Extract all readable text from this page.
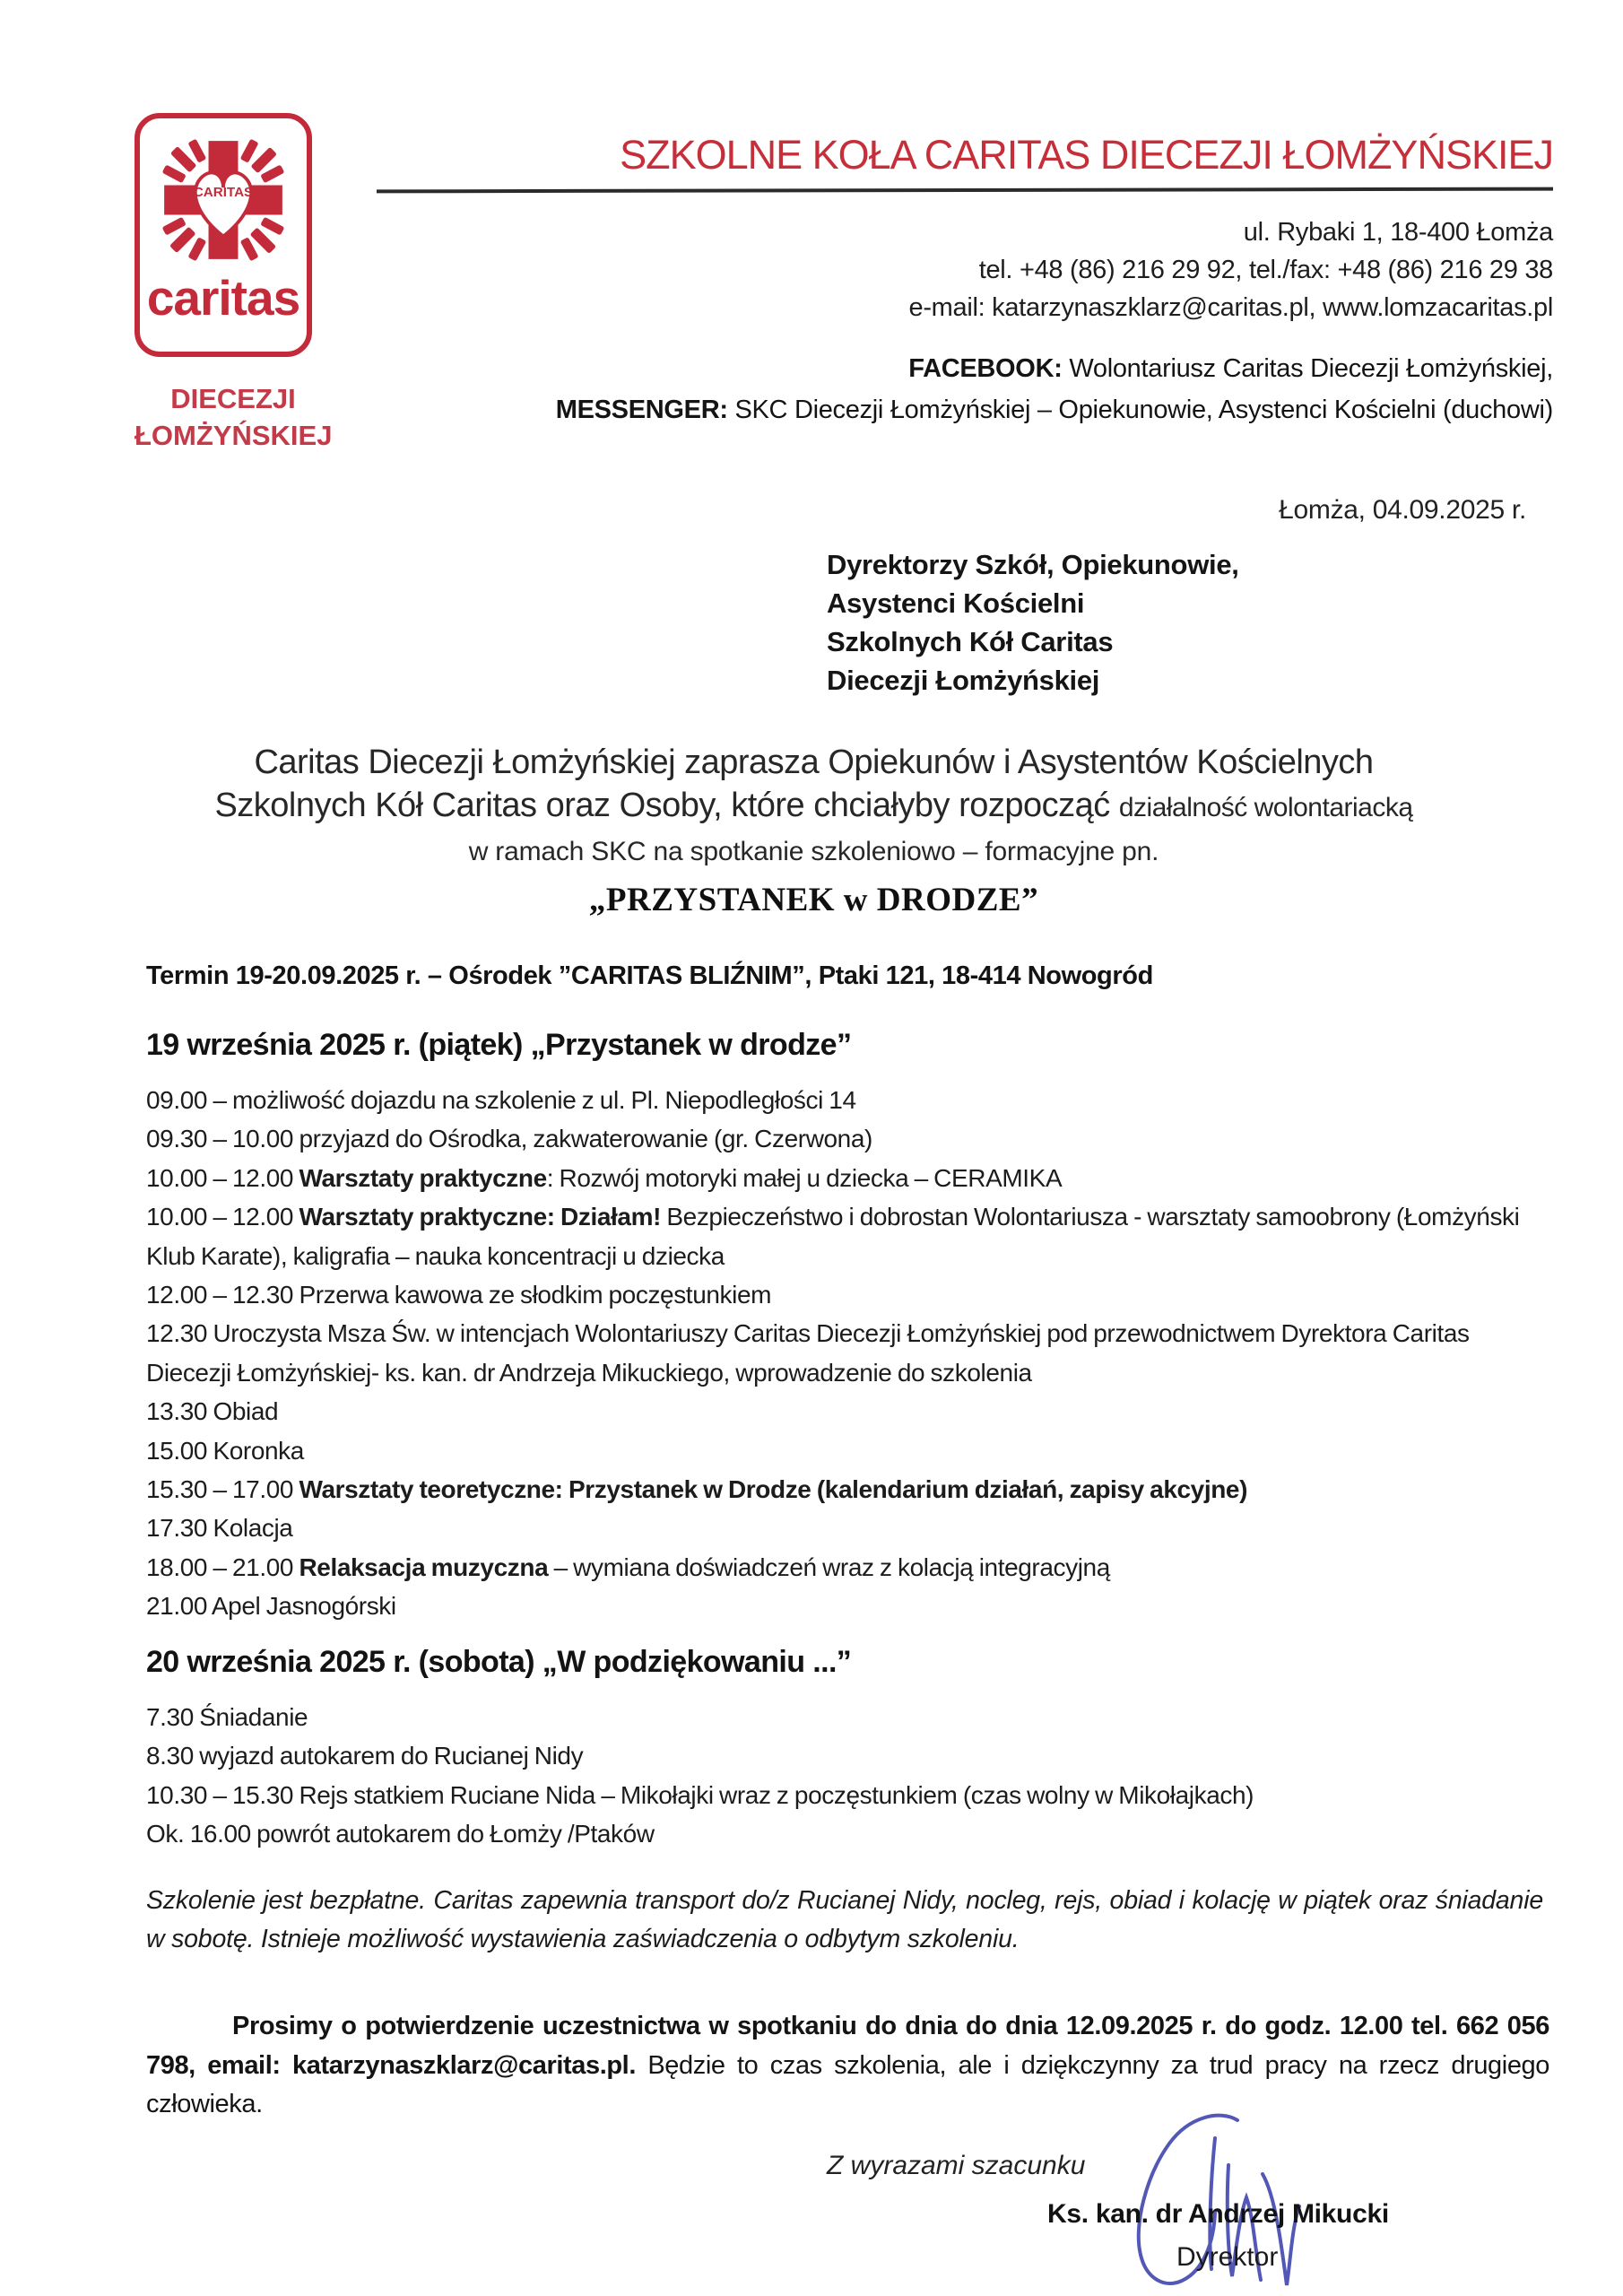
CARITAS
caritas
DIECEZJI
ŁOMŻYŃSKIEJ
SZKOLNE KOŁA CARITAS DIECEZJI ŁOMŻYŃSKIEJ
ul. Rybaki 1, 18-400 Łomża
tel. +48 (86) 216 29 92, tel./fax: +48 (86) 216 29 38
e-mail: katarzynaszklarz@caritas.pl, www.lomzacaritas.pl
FACEBOOK: Wolontariusz Caritas Diecezji Łomżyńskiej,
MESSENGER: SKC Diecezji Łomżyńskiej – Opiekunowie, Asystenci Kościelni (duchowi)
Łomża, 04.09.2025 r.
Dyrektorzy Szkół, Opiekunowie,
Asystenci Kościelni
Szkolnych Kół Caritas
Diecezji Łomżyńskiej
Caritas Diecezji Łomżyńskiej zaprasza Opiekunów i Asystentów Kościelnych
Szkolnych Kół Caritas oraz Osoby, które chciałyby rozpocząć działalność wolontariacką
w ramach SKC na spotkanie szkoleniowo – formacyjne pn.
„PRZYSTANEK w DRODZE”
Termin 19-20.09.2025 r. – Ośrodek ”CARITAS BLIŹNIM”, Ptaki 121, 18-414 Nowogród
19 września 2025 r. (piątek) „Przystanek w drodze”
09.00 – możliwość dojazdu na szkolenie z ul. Pl. Niepodległości 14
09.30 – 10.00 przyjazd do Ośrodka, zakwaterowanie (gr. Czerwona)
10.00 – 12.00 Warsztaty praktyczne: Rozwój motoryki małej u dziecka – CERAMIKA
10.00 – 12.00 Warsztaty praktyczne: Działam! Bezpieczeństwo i dobrostan Wolontariusza - warsztaty samoobrony (Łomżyński Klub Karate), kaligrafia – nauka koncentracji u dziecka
12.00 – 12.30 Przerwa kawowa ze słodkim poczęstunkiem
12.30 Uroczysta Msza Św. w intencjach Wolontariuszy Caritas Diecezji Łomżyńskiej pod przewodnictwem Dyrektora Caritas Diecezji Łomżyńskiej- ks. kan. dr Andrzeja Mikuckiego, wprowadzenie do szkolenia
13.30 Obiad
15.00 Koronka
15.30 – 17.00 Warsztaty teoretyczne: Przystanek w Drodze (kalendarium działań, zapisy akcyjne)
17.30 Kolacja
18.00 – 21.00 Relaksacja muzyczna – wymiana doświadczeń wraz z kolacją integracyjną
21.00 Apel Jasnogórski
20 września 2025 r. (sobota) „W podziękowaniu ...”
7.30 Śniadanie
8.30 wyjazd autokarem do Rucianej Nidy
10.30 – 15.30 Rejs statkiem Ruciane Nida – Mikołajki wraz z poczęstunkiem (czas wolny w Mikołajkach)
Ok. 16.00 powrót autokarem do Łomży /Ptaków
Szkolenie jest bezpłatne. Caritas zapewnia transport do/z Rucianej Nidy, nocleg, rejs, obiad i kolację w piątek oraz śniadanie w sobotę. Istnieje możliwość wystawienia zaświadczenia o odbytym szkoleniu.
Prosimy o potwierdzenie uczestnictwa w spotkaniu do dnia do dnia 12.09.2025 r. do godz. 12.00 tel. 662 056 798, email: katarzynaszklarz@caritas.pl. Będzie to czas szkolenia, ale i dziękczynny za trud pracy na rzecz drugiego człowieka.
Z wyrazami szacunku
Ks. kan. dr Andrzej Mikucki
Dyrektor
